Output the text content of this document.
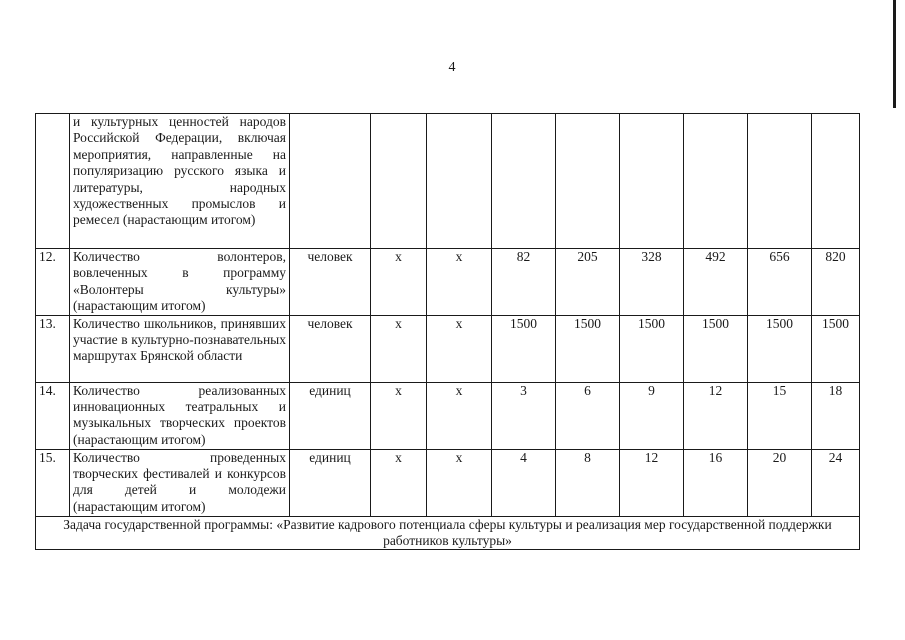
4
	и культурных ценностей народов Российской Федерации, включая мероприятия, направленные на популяризацию русского языка и литературы, народных художественных промыслов и ремесел (нарастающим итогом)									
12.	Количество волонтеров, вовлеченных в программу «Волонтеры культуры» (нарастающим итогом)	человек	x	x	82	205	328	492	656	820
13.	Количество школьников, принявших участие в культурно-познавательных маршрутах Брянской области	человек	x	x	1500	1500	1500	1500	1500	1500
14.	Количество реализованных инновационных театральных и музыкальных творческих проектов (нарастающим итогом)	единиц	x	x	3	6	9	12	15	18
15.	Количество проведенных творческих фестивалей и конкурсов для детей и молодежи (нарастающим итогом)	единиц	x	x	4	8	12	16	20	24
Задача государственной программы: «Развитие кадрового потенциала сферы культуры и реализация мер государственной поддержки работников культуры»										
